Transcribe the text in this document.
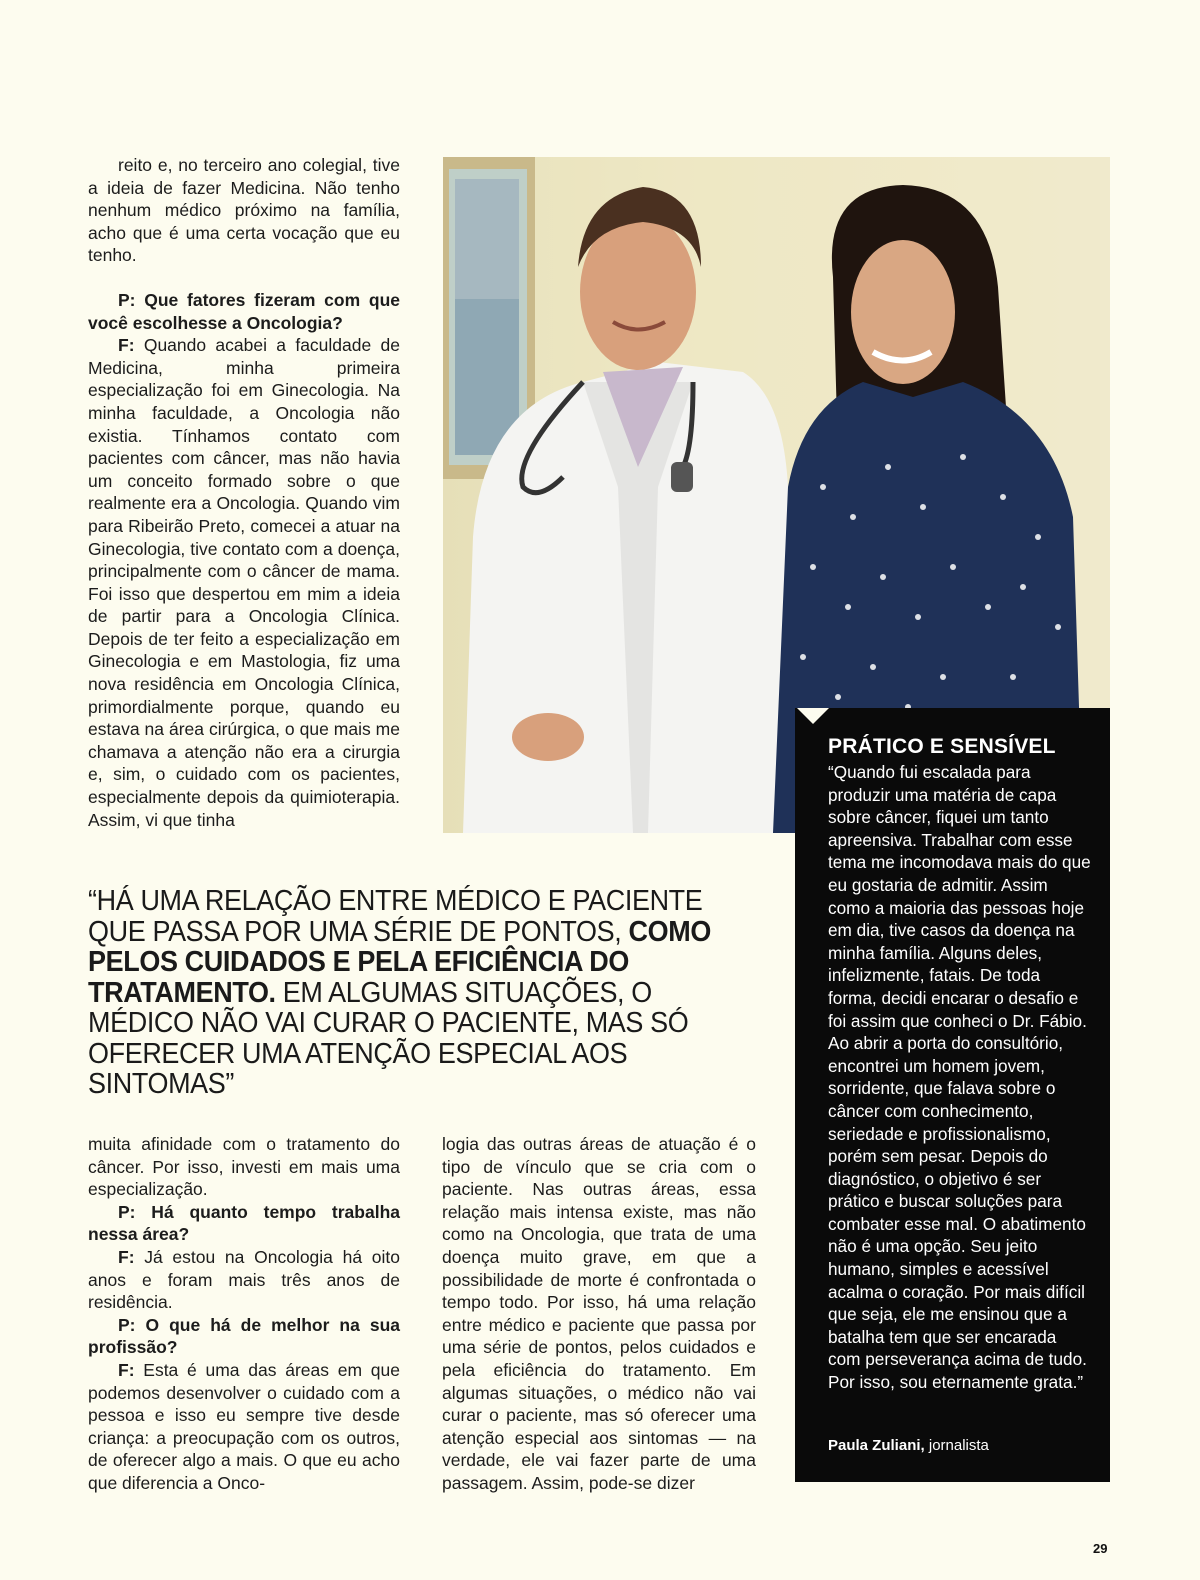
reito e, no terceiro ano colegial, tive a ideia de fazer Medicina. Não tenho nenhum médico próximo na família, acho que é uma certa vocação que eu tenho.

P: Que fatores fizeram com que você escolhesse a Oncologia?

F: Quando acabei a faculdade de Medicina, minha primeira especialização foi em Ginecologia. Na minha faculdade, a Oncologia não existia. Tínhamos contato com pacientes com câncer, mas não havia um conceito formado sobre o que realmente era a Oncologia. Quando vim para Ribeirão Preto, comecei a atuar na Ginecologia, tive contato com a doença, principalmente com o câncer de mama. Foi isso que despertou em mim a ideia de partir para a Oncologia Clínica. Depois de ter feito a especialização em Ginecologia e em Mastologia, fiz uma nova residência em Oncologia Clínica, primordialmente porque, quando eu estava na área cirúrgica, o que mais me chamava a atenção não era a cirurgia e, sim, o cuidado com os pacientes, especialmente depois da quimioterapia. Assim, vi que tinha

“HÁ UMA RELAÇÃO ENTRE MÉDICO E PACIENTE QUE PASSA POR UMA SÉRIE DE PONTOS, COMO PELOS CUIDADOS E PELA EFICIÊNCIA DO TRATAMENTO. EM ALGUMAS SITUAÇÕES, O MÉDICO NÃO VAI CURAR O PACIENTE, MAS SÓ OFERECER UMA ATENÇÃO ESPECIAL AOS SINTOMAS”

muita afinidade com o tratamento do câncer. Por isso, investi em mais uma especialização.

P: Há quanto tempo trabalha nessa área?

F: Já estou na Oncologia há oito anos e foram mais três anos de residência.

P: O que há de melhor na sua profissão?

F: Esta é uma das áreas em que podemos desenvolver o cuidado com a pessoa e isso eu sempre tive desde criança: a preocupação com os outros, de oferecer algo a mais. O que eu acho que diferencia a Onco-

logia das outras áreas de atuação é o tipo de vínculo que se cria com o paciente. Nas outras áreas, essa relação mais intensa existe, mas não como na Oncologia, que trata de uma doença muito grave, em que a possibilidade de morte é confrontada o tempo todo. Por isso, há uma relação entre médico e paciente que passa por uma série de pontos, pelos cuidados e pela eficiência do tratamento. Em algumas situações, o médico não vai curar o paciente, mas só oferecer uma atenção especial aos sintomas — na verdade, ele vai fazer parte de uma passagem. Assim, pode-se dizer

PRÁTICO E SENSÍVEL
“Quando fui escalada para produzir uma matéria de capa sobre câncer, fiquei um tanto apreensiva. Trabalhar com esse tema me incomodava mais do que eu gostaria de admitir. Assim como a maioria das pessoas hoje em dia, tive casos da doença na minha família. Alguns deles, infelizmente, fatais. De toda forma, decidi encarar o desafio e foi assim que conheci o Dr. Fábio. Ao abrir a porta do consultório, encontrei um homem jovem, sorridente, que falava sobre o câncer com conhecimento, seriedade e profissionalismo, porém sem pesar. Depois do diagnóstico, o objetivo é ser prático e buscar soluções para combater esse mal. O abatimento não é uma opção. Seu jeito humano, simples e acessível acalma o coração. Por mais difícil que seja, ele me ensinou que a batalha tem que ser encarada com perseverança acima de tudo. Por isso, sou eternamente grata.”
Paula Zuliani, jornalista
29
